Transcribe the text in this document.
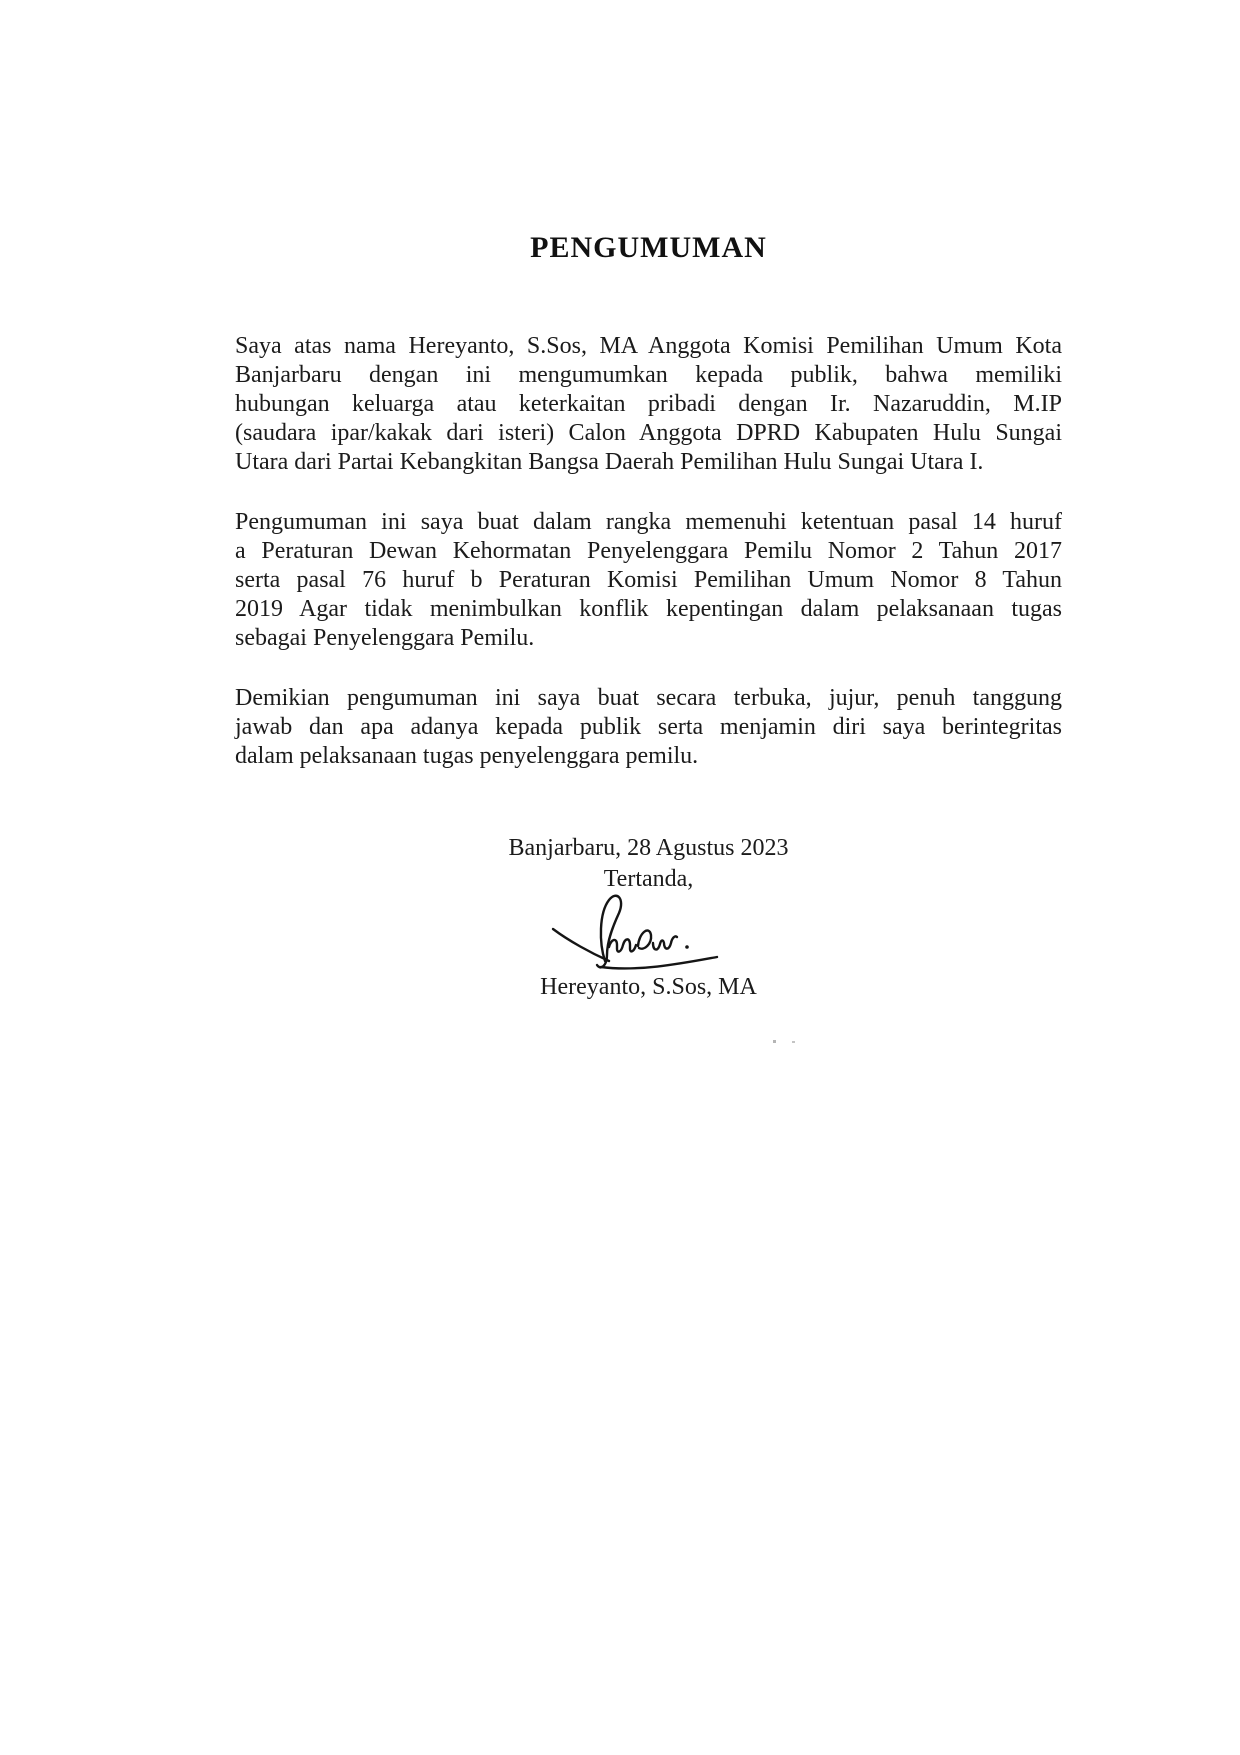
PENGUMUMAN
Saya atas nama Hereyanto, S.Sos, MA Anggota Komisi Pemilihan Umum Kota
Banjarbaru dengan ini mengumumkan kepada publik, bahwa memiliki
hubungan keluarga atau keterkaitan pribadi dengan Ir. Nazaruddin, M.IP
(saudara ipar/kakak dari isteri) Calon Anggota DPRD Kabupaten Hulu Sungai
Utara dari Partai Kebangkitan Bangsa Daerah Pemilihan Hulu Sungai Utara I.
Pengumuman ini saya buat dalam rangka memenuhi ketentuan pasal 14 huruf
a Peraturan Dewan Kehormatan Penyelenggara Pemilu Nomor 2 Tahun 2017
serta pasal 76 huruf b Peraturan Komisi Pemilihan Umum Nomor 8 Tahun
2019 Agar tidak menimbulkan konflik kepentingan dalam pelaksanaan tugas
sebagai Penyelenggara Pemilu.
Demikian pengumuman ini saya buat secara terbuka, jujur, penuh tanggung
jawab dan apa adanya kepada publik serta menjamin diri saya berintegritas
dalam pelaksanaan tugas penyelenggara pemilu.
Banjarbaru, 28 Agustus 2023
Tertanda,
Hereyanto, S.Sos, MA
